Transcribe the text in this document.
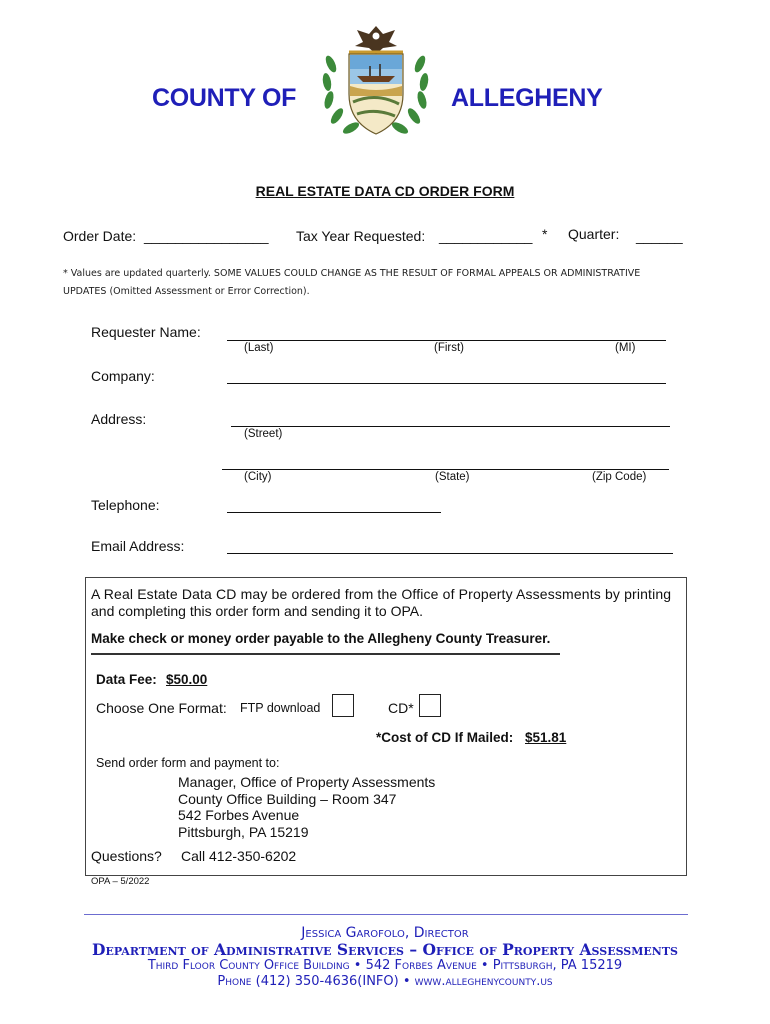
COUNTY OF	ALLEGHENY
REAL ESTATE DATA CD ORDER FORM
Order Date: ________________ Tax Year Requested: ____________ * Quarter: ______
* Values are updated quarterly. SOME VALUES COULD CHANGE AS THE RESULT OF FORMAL APPEALS OR ADMINISTRATIVE
UPDATES (Omitted Assessment or Error Correction).
Requester Name:
(Last)	(First)	(MI)
Company:
Address:
(Street)
(City)	(State)	(Zip Code)
Telephone:
Email Address:
A Real Estate Data CD may be ordered from the Office of Property Assessments by printing
and completing this order form and sending it to OPA.
Make check or money order payable to the Allegheny County Treasurer.
Data Fee: $50.00
Choose One Format: FTP download	CD*
*Cost of CD If Mailed: $51.81
Send order form and payment to:
Manager, Office of Property Assessments
County Office Building – Room 347
542 Forbes Avenue
Pittsburgh, PA 15219
Questions? Call 412-350-6202
OPA – 5/2022
Jessica Garofolo, Director
Department of Administrative Services – Office of Property Assessments
Third Floor County Office Building • 542 Forbes Avenue • Pittsburgh, PA 15219
Phone (412) 350-4636(INFO) • www.alleghenycounty.us
